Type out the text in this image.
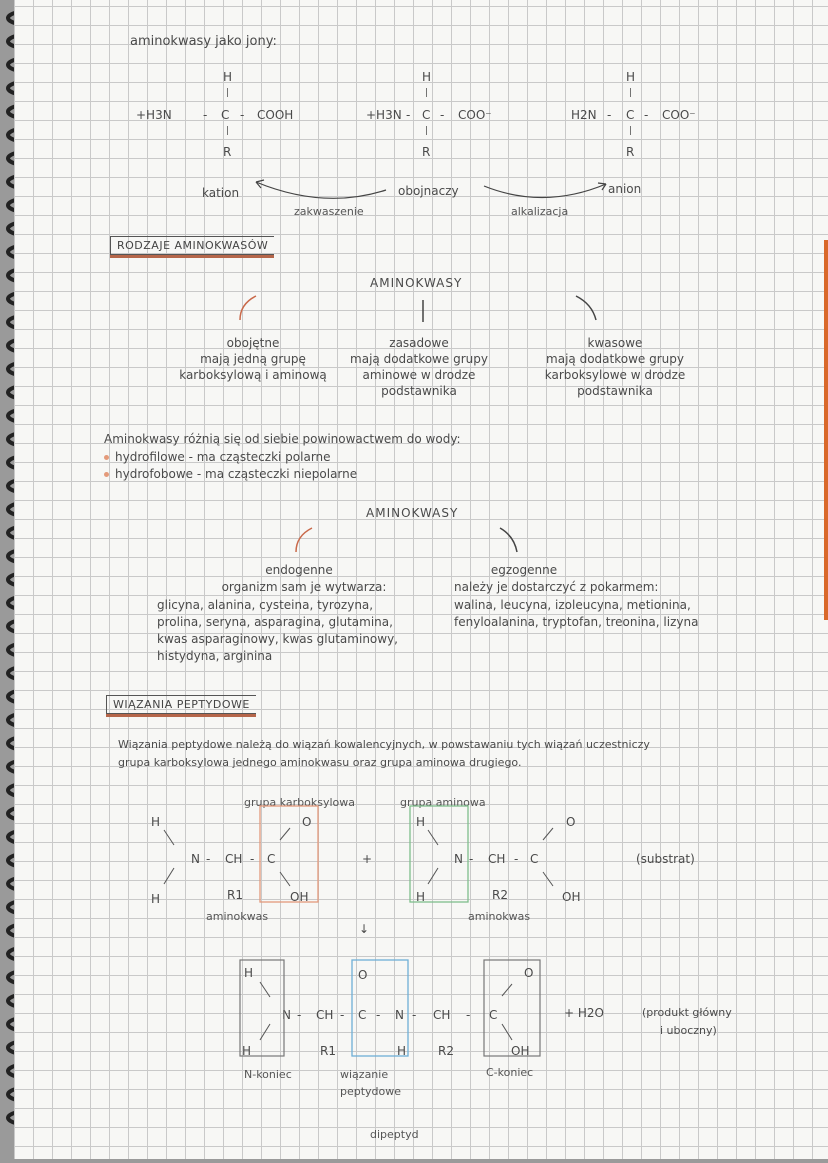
aminokwasy jako jony:
+H3N
H
- C - COOH
R
|
|
+H3N -
H
C - COO⁻
R
|
|
H2N -
H
C - COO⁻
R
|
|
kation	obojnaczy	anion
zakwaszenie	alkalizacja
RODZAJE AMINOKWASÓW
AMINOKWASY
obojętne
mają jedną grupę
karboksylową i aminową
zasadowe
mają dodatkowe grupy
aminowe w drodze
podstawnika
kwasowe
mają dodatkowe grupy
karboksylowe w drodze
podstawnika
Aminokwasy różnią się od siebie powinowactwem do wody:
hydrofilowe - ma cząsteczki polarne
hydrofobowe - ma cząsteczki niepolarne
AMINOKWASY
endogenne
organizm sam je wytwarza:
glicyna, alanina, cysteina, tyrozyna,
prolina, seryna, asparagina, glutamina,
kwas asparaginowy, kwas glutaminowy,
histydyna, arginina
egzogenne
należy je dostarczyć z pokarmem:
walina, leucyna, izoleucyna, metionina,
fenyloalanina, tryptofan, treonina, lizyna
WIĄZANIA PEPTYDOWE
Wiązania peptydowe należą do wiązań kowalencyjnych, w powstawaniu tych wiązań uczestniczy
grupa karboksylowa jednego aminokwasu oraz grupa aminowa drugiego.
grupa karboksylowa	grupa aminowa
H
N - CH - C
O
H	R1	OH
aminokwas
+
H
N - CH - C
O
H	R2	OH
aminokwas
(substrat)
↓
H
N - CH - C
O
- N - CH - C
O
H	R1	H	R2	OH
+ H2O	(produkt główny
i uboczny)
N-koniec	C-koniec
wiązanie
peptydowe
dipeptyd
